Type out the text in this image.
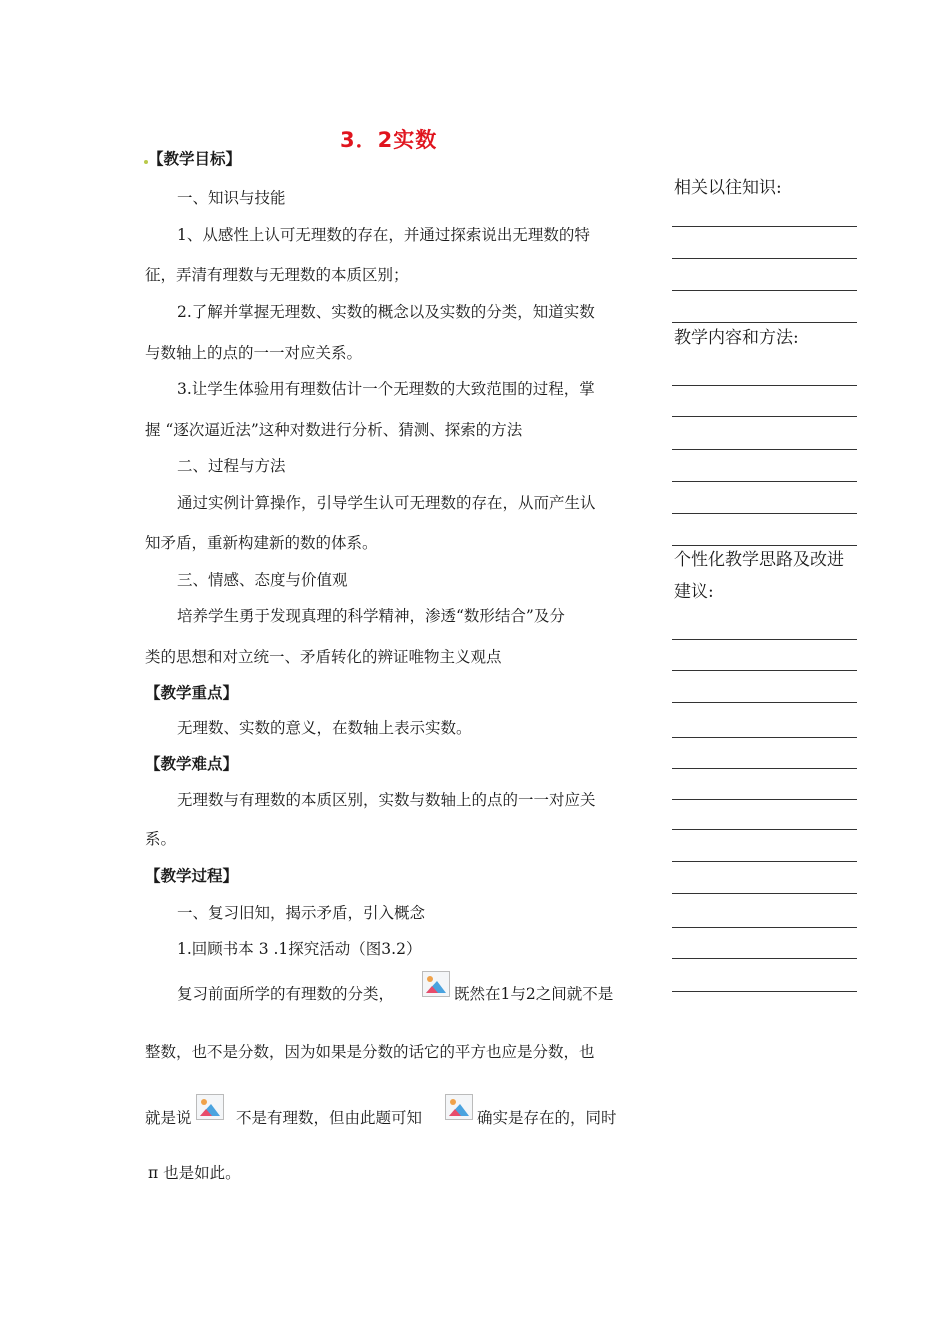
3．2实数
【教学目标】
一、知识与技能
1、从感性上认可无理数的存在，并通过探索说出无理数的特
征，弄清有理数与无理数的本质区别；
2.了解并掌握无理数、实数的概念以及实数的分类，知道实数
与数轴上的点的一一对应关系。
3.让学生体验用有理数估计一个无理数的大致范围的过程，掌
握 “逐次逼近法”这种对数进行分析、猜测、探索的方法
二、过程与方法
通过实例计算操作，引导学生认可无理数的存在，从而产生认
知矛盾，重新构建新的数的体系。
三、情感、态度与价值观
培养学生勇于发现真理的科学精神，渗透“数形结合”及分
类的思想和对立统一、矛盾转化的辨证唯物主义观点
【教学重点】
无理数、实数的意义，在数轴上表示实数。
【教学难点】
无理数与有理数的本质区别，实数与数轴上的点的一一对应关
系。
【教学过程】
一、复习旧知，揭示矛盾，引入概念
1.回顾书本 3 .1探究活动（图3.2）
复习前面所学的有理数的分类，	既然在1与2之间就不是
整数，也不是分数，因为如果是分数的话它的平方也应是分数，也
就是说	不是有理数，但由此题可知	确实是存在的，同时
π 也是如此。
相关以往知识:
教学内容和方法:
个性化教学思路及改进
建议:
